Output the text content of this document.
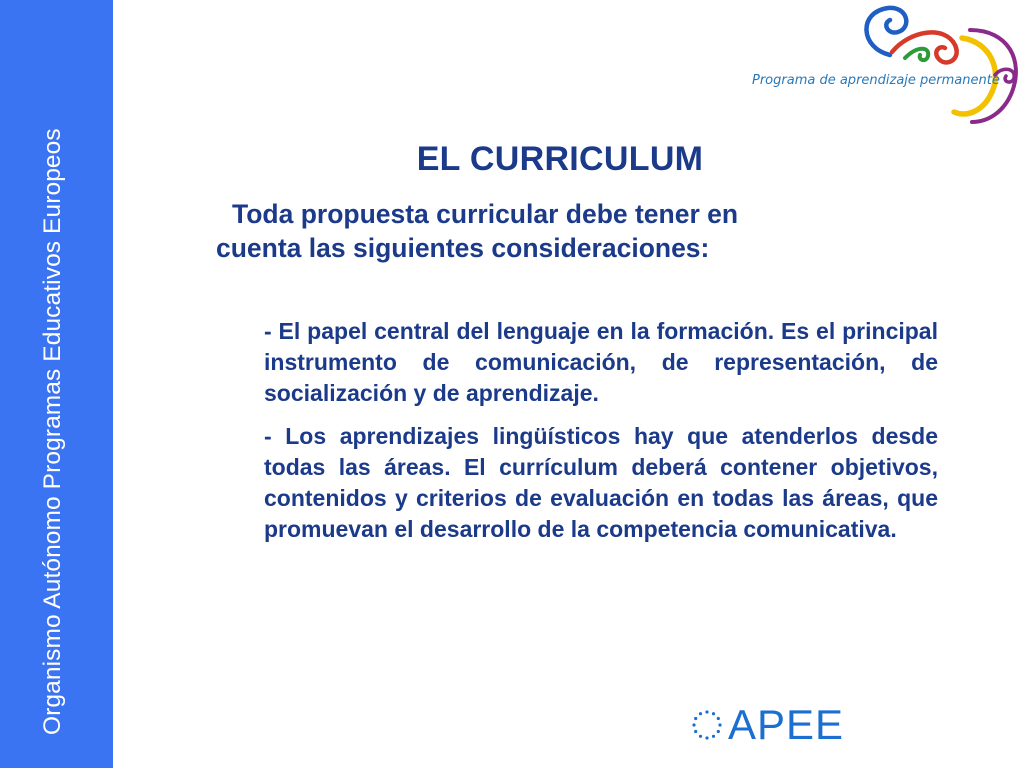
Organismo Autónomo Programas Educativos Europeos
Programa de aprendizaje permanente
EL CURRICULUM
Toda propuesta curricular debe tener en
cuenta las siguientes consideraciones:

- El papel central del lenguaje en la formación. Es el principal instrumento de comunicación, de representación, de socialización y de aprendizaje.

- Los aprendizajes lingüísticos hay que atenderlos desde todas las áreas. El currículum deberá contener objetivos, contenidos y criterios de evaluación en todas las áreas, que promuevan el desarrollo de la competencia comunicativa.

APEE
